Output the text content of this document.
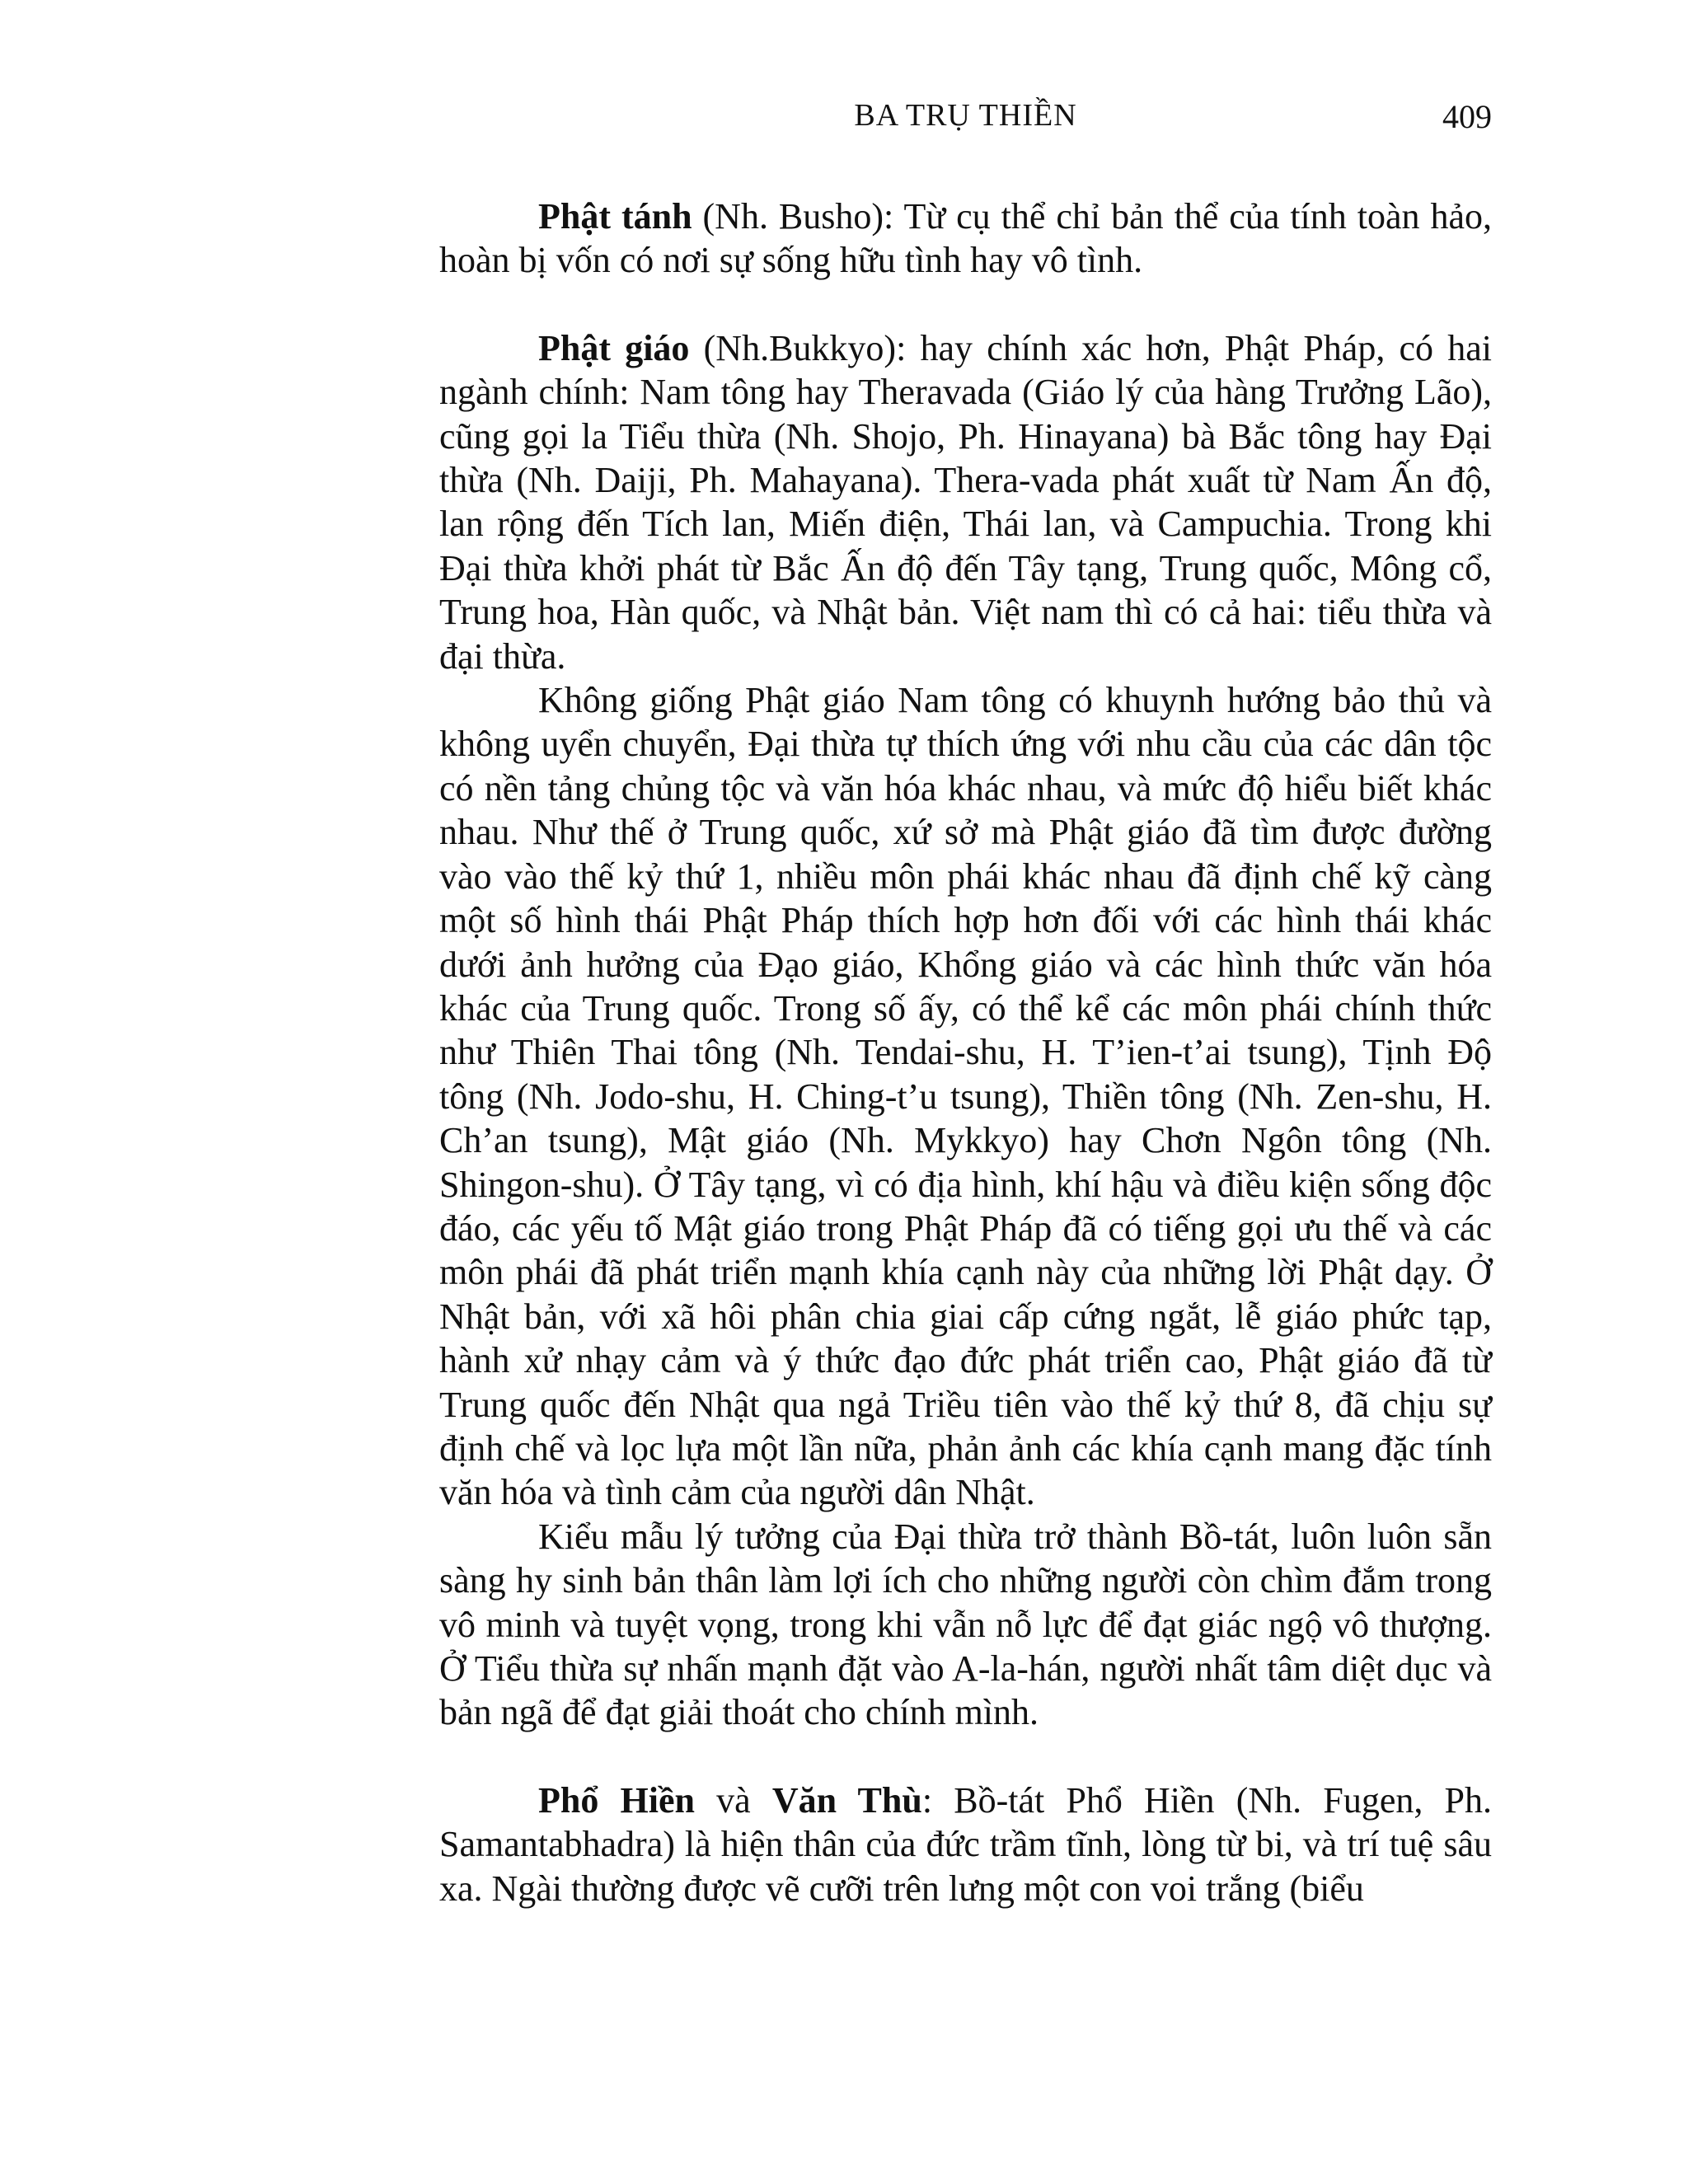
BA TRỤ THIỀN	409

Phật tánh (Nh. Busho): Từ cụ thể chỉ bản thể của tính toàn hảo, hoàn bị vốn có nơi sự sống hữu tình hay vô tình.

Phật giáo (Nh.Bukkyo): hay chính xác hơn, Phật Pháp, có hai ngành chính: Nam tông hay Theravada (Giáo lý của hàng Trưởng Lão), cũng gọi la Tiểu thừa (Nh. Shojo, Ph. Hinayana) bà Bắc tông hay Đại thừa (Nh. Daiji, Ph. Mahayana). Thera-vada phát xuất từ Nam Ấn độ, lan rộng đến Tích lan, Miến điện, Thái lan, và Campuchia. Trong khi Đại thừa khởi phát từ Bắc Ấn độ đến Tây tạng, Trung quốc, Mông cổ, Trung hoa, Hàn quốc, và Nhật bản. Việt nam thì có cả hai: tiểu thừa và đại thừa.

Không giống Phật giáo Nam tông có khuynh hướng bảo thủ và không uyển chuyển, Đại thừa tự thích ứng với nhu cầu của các dân tộc có nền tảng chủng tộc và văn hóa khác nhau, và mức độ hiểu biết khác nhau. Như thế ở Trung quốc, xứ sở mà Phật giáo đã tìm được đường vào vào thế kỷ thứ 1, nhiều môn phái khác nhau đã định chế kỹ càng một số hình thái Phật Pháp thích hợp hơn đối với các hình thái khác dưới ảnh hưởng của Đạo giáo, Khổng giáo và các hình thức văn hóa khác của Trung quốc. Trong số ấy, có thể kể các môn phái chính thức như Thiên Thai tông (Nh. Tendai-shu, H. T’ien-t’ai tsung), Tịnh Độ tông (Nh. Jodo-shu, H. Ching-t’u tsung), Thiền tông (Nh. Zen-shu, H. Ch’an tsung), Mật giáo (Nh. Mykkyo) hay Chơn Ngôn tông (Nh. Shingon-shu). Ở Tây tạng, vì có địa hình, khí hậu và điều kiện sống độc đáo, các yếu tố Mật giáo trong Phật Pháp đã có tiếng gọi ưu thế và các môn phái đã phát triển mạnh khía cạnh này của những lời Phật dạy. Ở Nhật bản, với xã hôi phân chia giai cấp cứng ngắt, lễ giáo phức tạp, hành xử nhạy cảm và ý thức đạo đức phát triển cao, Phật giáo đã từ Trung quốc đến Nhật qua ngả Triều tiên vào thế kỷ thứ 8, đã chịu sự định chế và lọc lựa một lần nữa, phản ảnh các khía cạnh mang đặc tính văn hóa và tình cảm của người dân Nhật.

Kiểu mẫu lý tưởng của Đại thừa trở thành Bồ-tát, luôn luôn sẵn sàng hy sinh bản thân làm lợi ích cho những người còn chìm đắm trong vô minh và tuyệt vọng, trong khi vẫn nỗ lực để đạt giác ngộ vô thượng. Ở Tiểu thừa sự nhấn mạnh đặt vào A-la-hán, người nhất tâm diệt dục và bản ngã để đạt giải thoát cho chính mình.

Phổ Hiền và Văn Thù: Bồ-tát Phổ Hiền (Nh. Fugen, Ph. Samantabhadra) là hiện thân của đức trầm tĩnh, lòng từ bi, và trí tuệ sâu xa. Ngài thường được vẽ cưỡi trên lưng một con voi trắng (biểu
